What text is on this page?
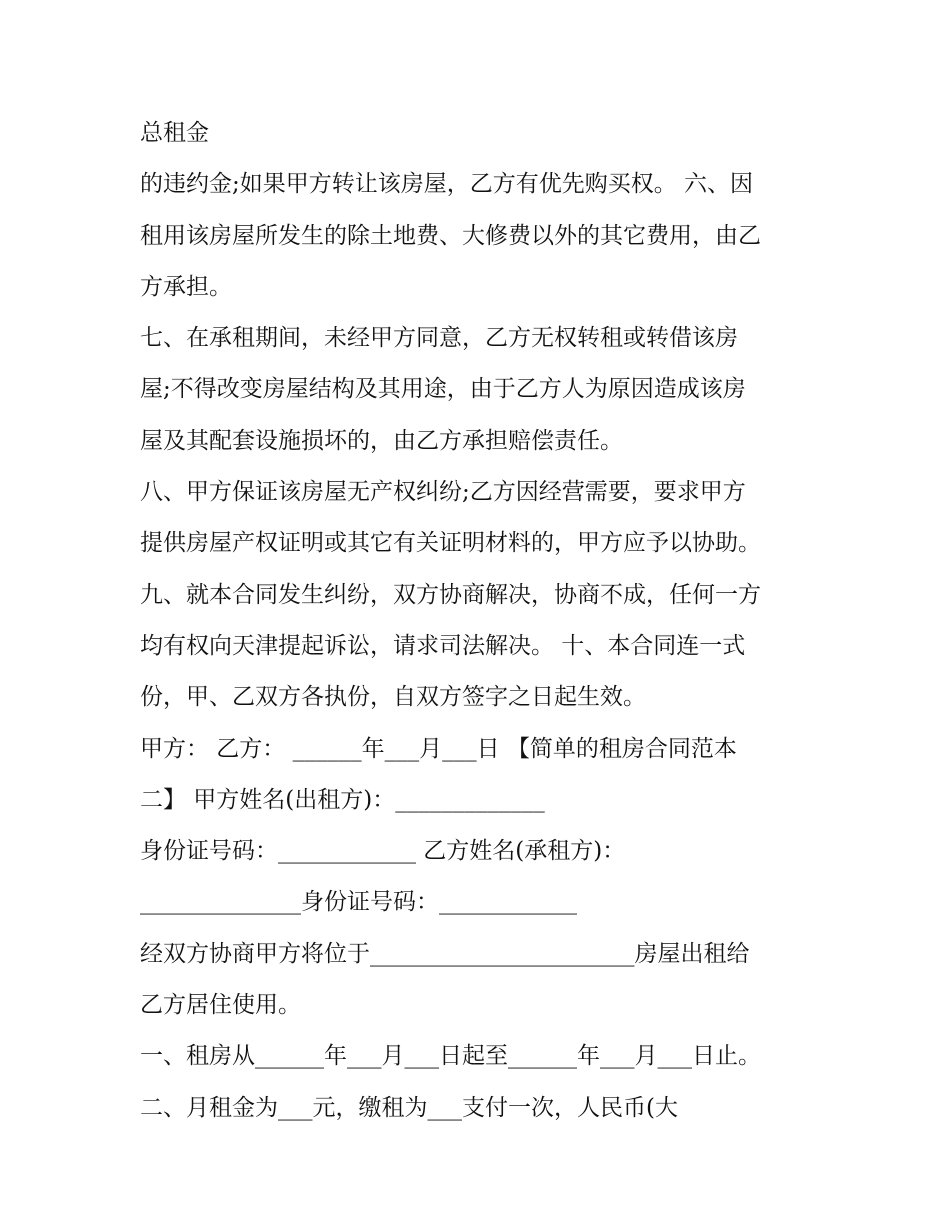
总租金
的违约金;如果甲方转让该房屋，乙方有优先购买权。 六、因
租用该房屋所发生的除土地费、大修费以外的其它费用，由乙
方承担。
七、在承租期间，未经甲方同意，乙方无权转租或转借该房
屋;不得改变房屋结构及其用途，由于乙方人为原因造成该房
屋及其配套设施损坏的，由乙方承担赔偿责任。
八、甲方保证该房屋无产权纠纷;乙方因经营需要，要求甲方
提供房屋产权证明或其它有关证明材料的，甲方应予以协助。
九、就本合同发生纠纷，双方协商解决，协商不成，任何一方
均有权向天津提起诉讼，请求司法解决。 十、本合同连一式
份，甲、乙双方各执份，自双方签字之日起生效。
甲方： 乙方： ______年___月___日 【简单的租房合同范本
二】 甲方姓名(出租方)：_____________
身份证号码：____________ 乙方姓名(承租方)：
______________身份证号码：____________
经双方协商甲方将位于_______________________房屋出租给
乙方居住使用。
一、租房从______年___月___日起至______年___月___日止。
二、月租金为___元，缴租为___支付一次，人民币(大
